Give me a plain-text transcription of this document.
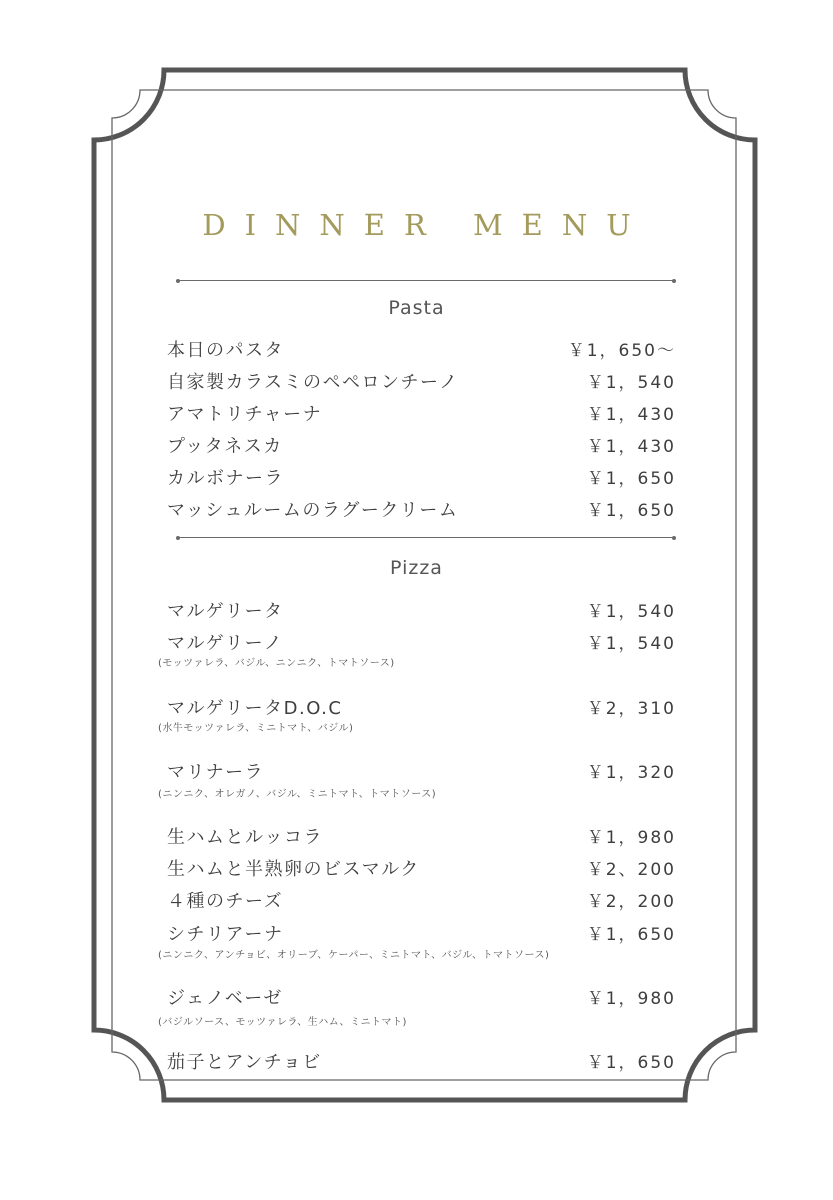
DINNER MENU
Pasta
本日のパスタ	￥1，650～
自家製カラスミのペペロンチーノ	￥1，540
アマトリチャーナ	￥1，430
プッタネスカ	￥1，430
カルボナーラ	￥1，650
マッシュルームのラグークリーム	￥1，650
Pizza
マルゲリータ	￥1，540
マルゲリーノ	￥1，540
(モッツァレラ、バジル、ニンニク、トマトソース)
マルゲリータD.O.C	￥2，310
(水牛モッツァレラ、ミニトマト、バジル)
マリナーラ	￥1，320
(ニンニク、オレガノ、バジル、ミニトマト、トマトソース)
生ハムとルッコラ	￥1，980
生ハムと半熟卵のビスマルク	￥2、200
４種のチーズ	￥2，200
シチリアーナ	￥1，650
(ニンニク、アンチョビ、オリーブ、ケーパー、ミニトマト、バジル、トマトソース)
ジェノベーゼ	￥1，980
(バジルソース、モッツァレラ、生ハム、ミニトマト)
茄子とアンチョビ	￥1，650
